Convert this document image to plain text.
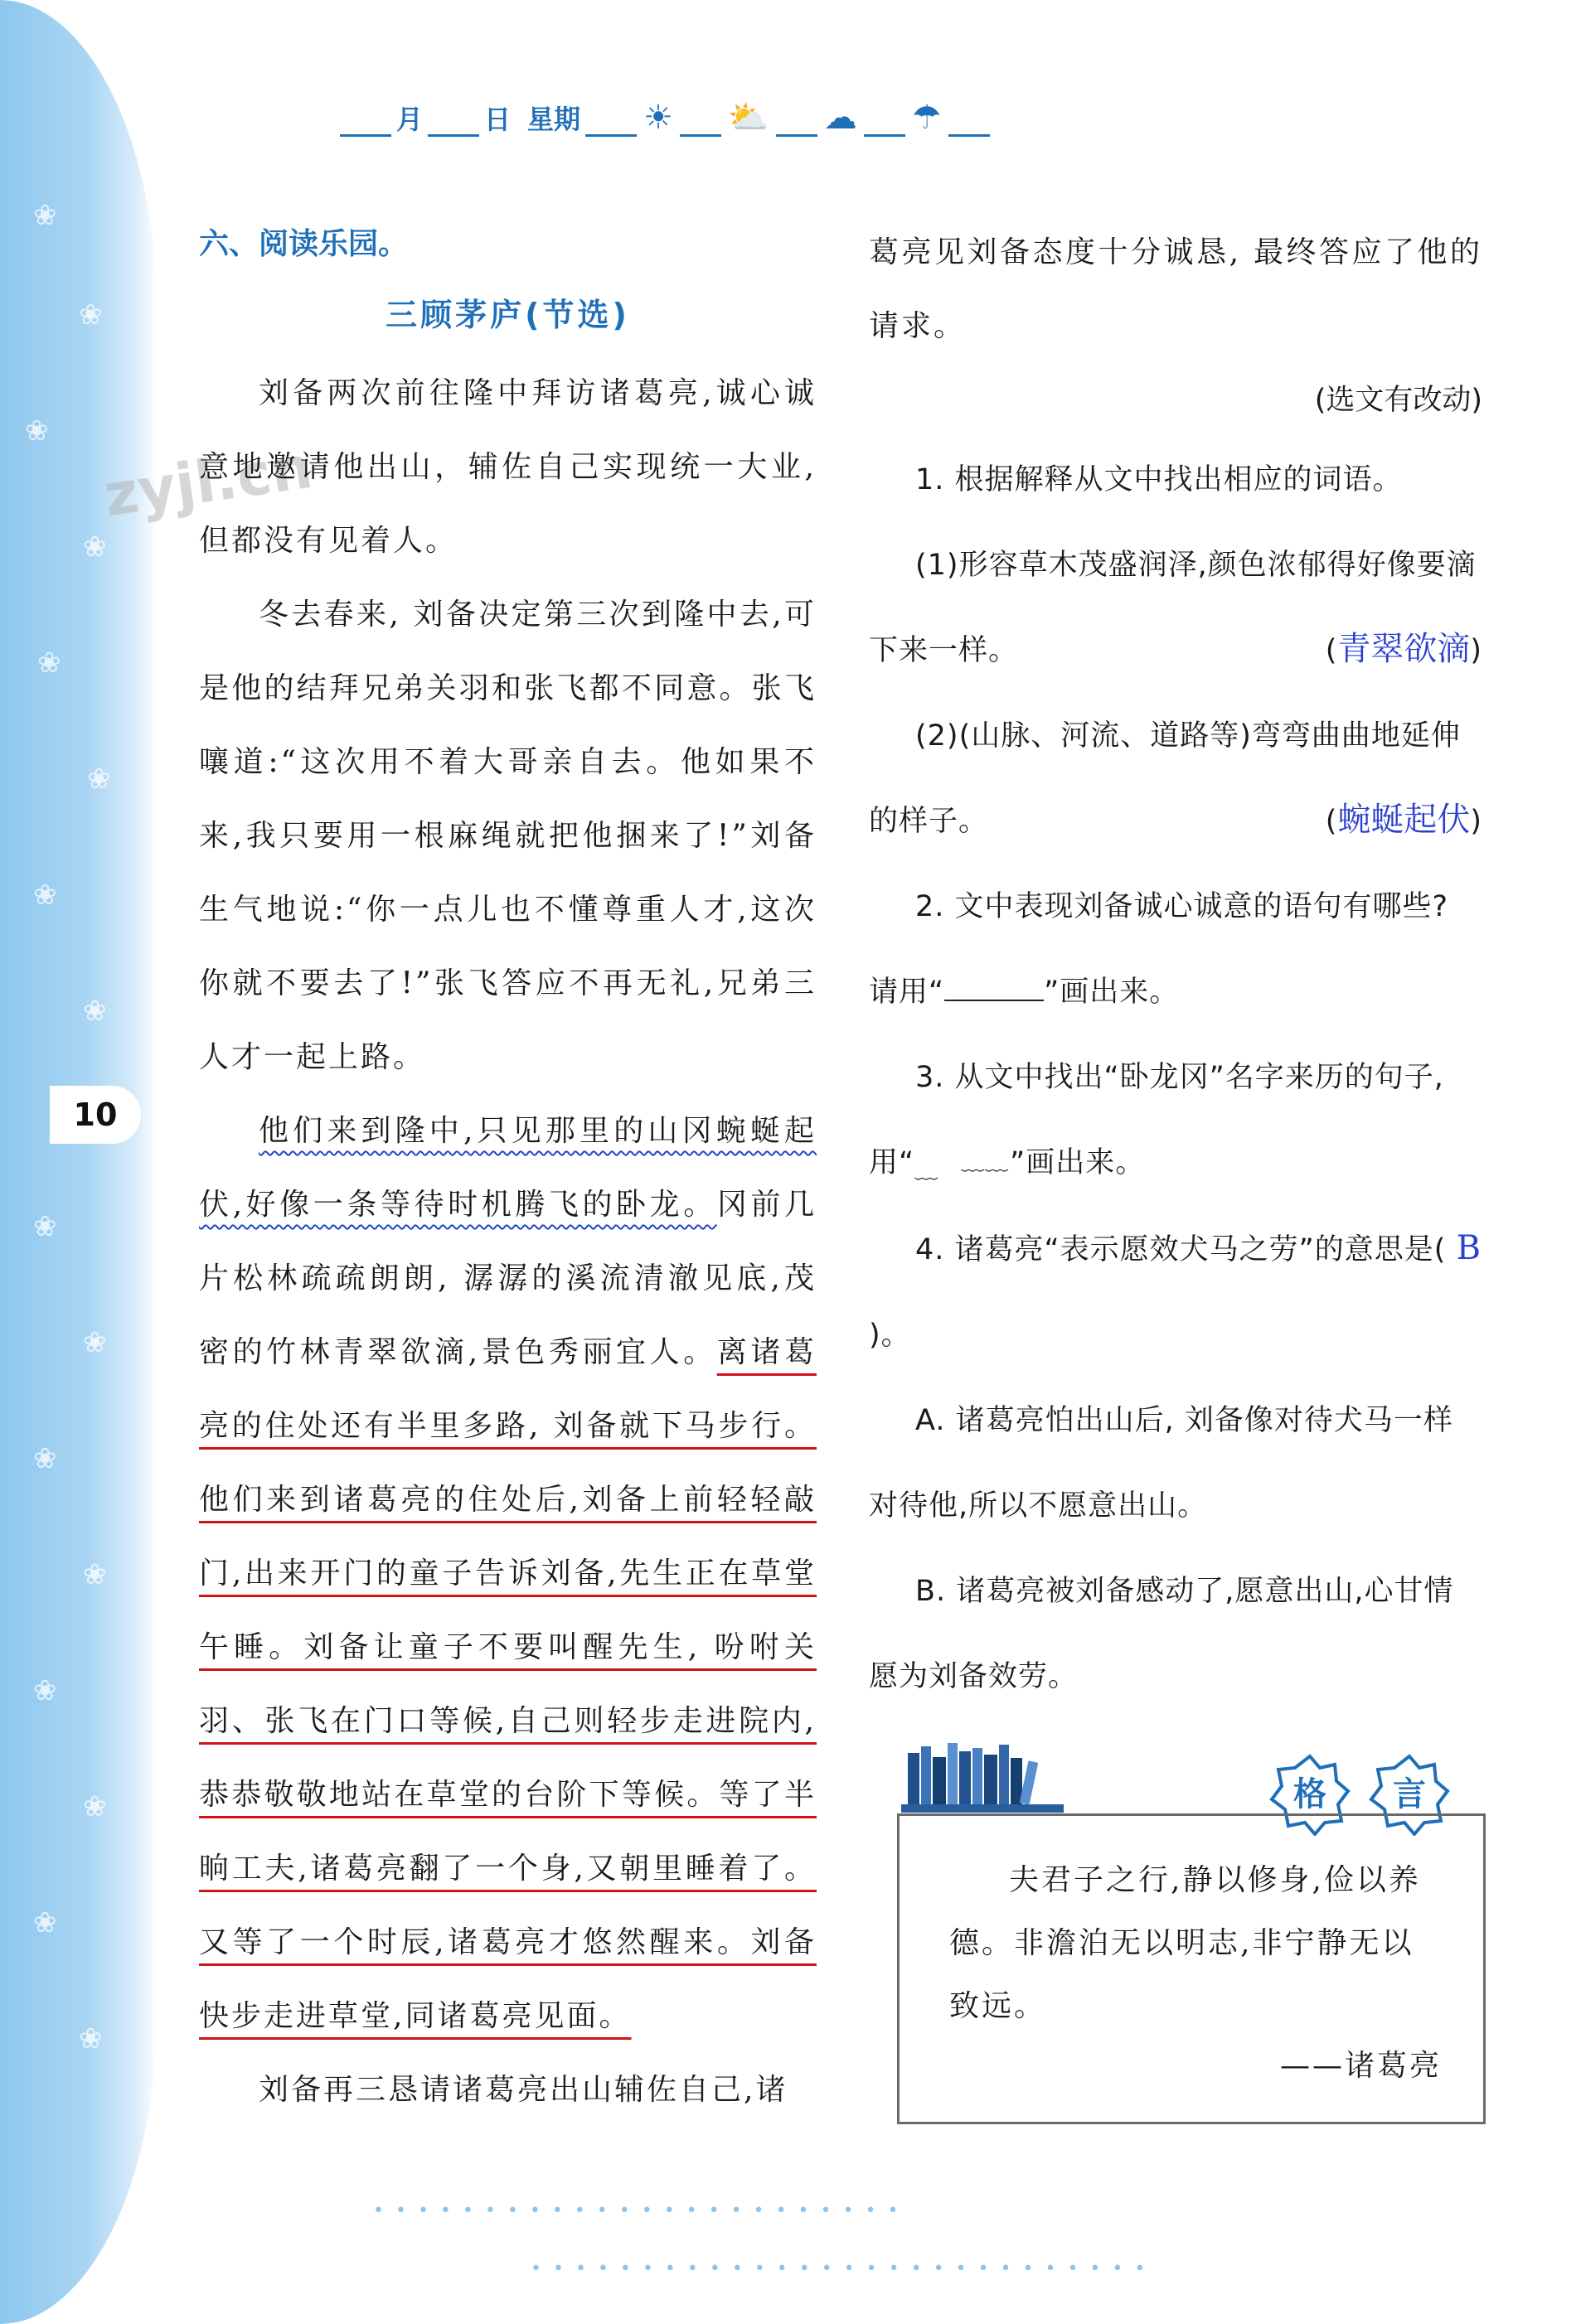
❀
❀
❀
❀
❀
❀
❀
❀
❀
❀
❀
❀
❀
❀
❀
❀
zyjl.cn
10
月 日 星期 ☀ ⛅ ☁ ☂
六、阅读乐园。
三顾茅庐(节选)

刘备两次前往隆中拜访诸葛亮,诚心诚意地邀请他出山，辅佐自己实现统一大业,但都没有见着人。

冬去春来, 刘备决定第三次到隆中去,可是他的结拜兄弟关羽和张飞都不同意。张飞嚷道:“这次用不着大哥亲自去。他如果不来,我只要用一根麻绳就把他捆来了!”刘备生气地说:“你一点儿也不懂尊重人才,这次你就不要去了!”张飞答应不再无礼,兄弟三人才一起上路。

他们来到隆中,只见那里的山冈蜿蜒起伏,好像一条等待时机腾飞的卧龙。冈前几片松林疏疏朗朗, 潺潺的溪流清澈见底,茂密的竹林青翠欲滴,景色秀丽宜人。离诸葛亮的住处还有半里多路, 刘备就下马步行。他们来到诸葛亮的住处后,刘备上前轻轻敲门,出来开门的童子告诉刘备,先生正在草堂午睡。刘备让童子不要叫醒先生, 吩咐关羽、张飞在门口等候,自己则轻步走进院内,恭恭敬敬地站在草堂的台阶下等候。等了半晌工夫,诸葛亮翻了一个身,又朝里睡着了。又等了一个时辰,诸葛亮才悠然醒来。刘备快步走进草堂,同诸葛亮见面。

刘备再三恳请诸葛亮出山辅佐自己,诸

葛亮见刘备态度十分诚恳, 最终答应了他的请求。

(选文有改动)

1. 根据解释从文中找出相应的词语。

(1)形容草木茂盛润泽,颜色浓郁得好像要滴下来一样。	( 青翠欲滴 )

(2)(山脉、河流、道路等)弯弯曲曲地延伸的样子。	( 蜿蜒起伏 )

2. 文中表现刘备诚心诚意的语句有哪些? 请用“	”画出来。

3. 从文中找出“卧龙冈”名字来历的句子,用“ ﹏﹏﹏ ”画出来。

4. 诸葛亮“表示愿效犬马之劳”的意思是( B )。

A. 诸葛亮怕出山后, 刘备像对待犬马一样对待他,所以不愿意出山。

B. 诸葛亮被刘备感动了,愿意出山,心甘情愿为刘备效劳。

格	言
夫君子之行,静以修身,俭以养德。非澹泊无以明志,非宁静无以致远。
——诸葛亮
••••••••••••••••••••••••
••••••••••••••••••••••••••••
